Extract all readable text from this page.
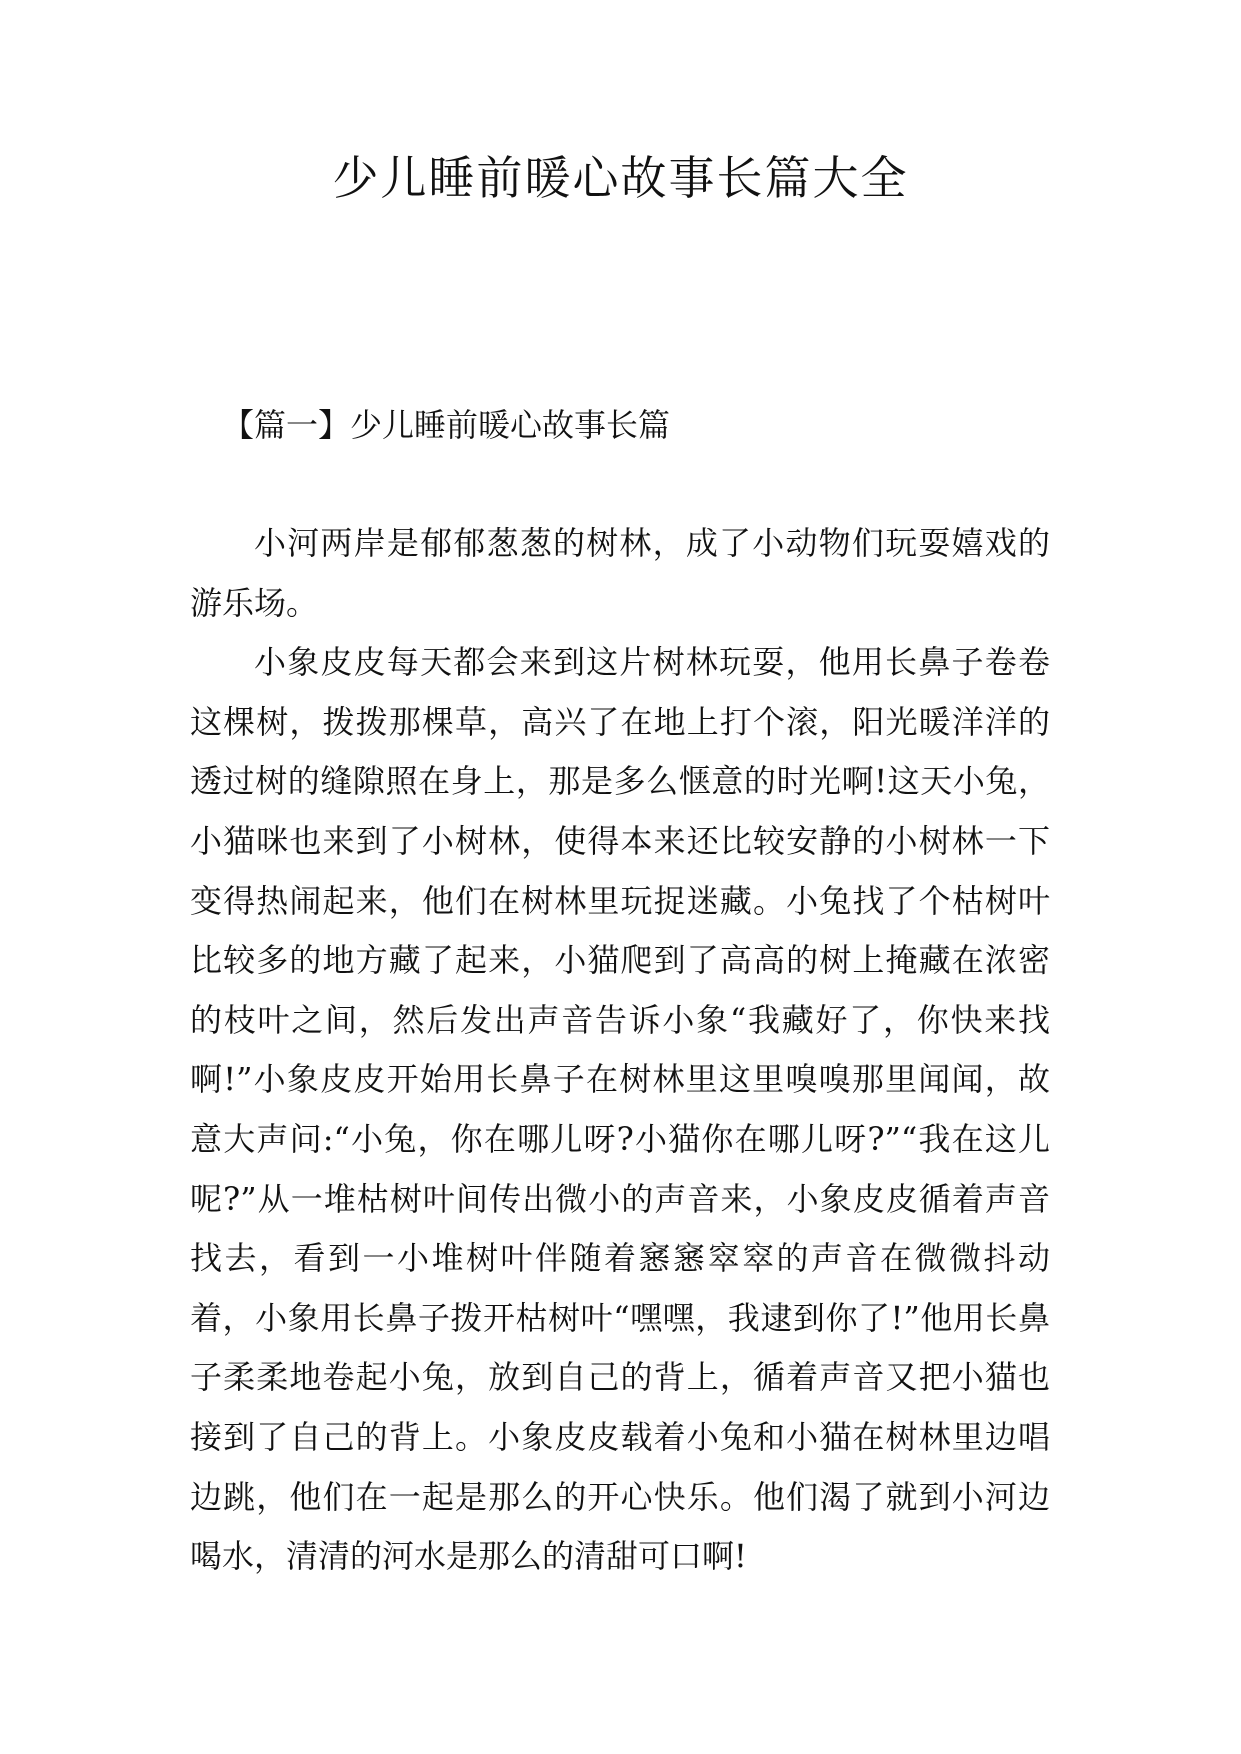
少儿睡前暖心故事长篇大全
【篇一】少儿睡前暖心故事长篇

小河两岸是郁郁葱葱的树林，成了小动物们玩耍嬉戏的游乐场。

小象皮皮每天都会来到这片树林玩耍，他用长鼻子卷卷这棵树，拨拨那棵草，高兴了在地上打个滚，阳光暖洋洋的透过树的缝隙照在身上，那是多么惬意的时光啊!这天小兔，小猫咪也来到了小树林，使得本来还比较安静的小树林一下变得热闹起来，他们在树林里玩捉迷藏。小兔找了个枯树叶比较多的地方藏了起来，小猫爬到了高高的树上掩藏在浓密的枝叶之间，然后发出声音告诉小象“我藏好了，你快来找啊!”小象皮皮开始用长鼻子在树林里这里嗅嗅那里闻闻，故意大声问:“小兔，你在哪儿呀?小猫你在哪儿呀?”“我在这儿呢?”从一堆枯树叶间传出微小的声音来，小象皮皮循着声音找去，看到一小堆树叶伴随着窸窸窣窣的声音在微微抖动着，小象用长鼻子拨开枯树叶“嘿嘿，我逮到你了!”他用长鼻子柔柔地卷起小兔，放到自己的背上，循着声音又把小猫也接到了自己的背上。小象皮皮载着小兔和小猫在树林里边唱边跳，他们在一起是那么的开心快乐。他们渴了就到小河边喝水，清清的河水是那么的清甜可口啊!
